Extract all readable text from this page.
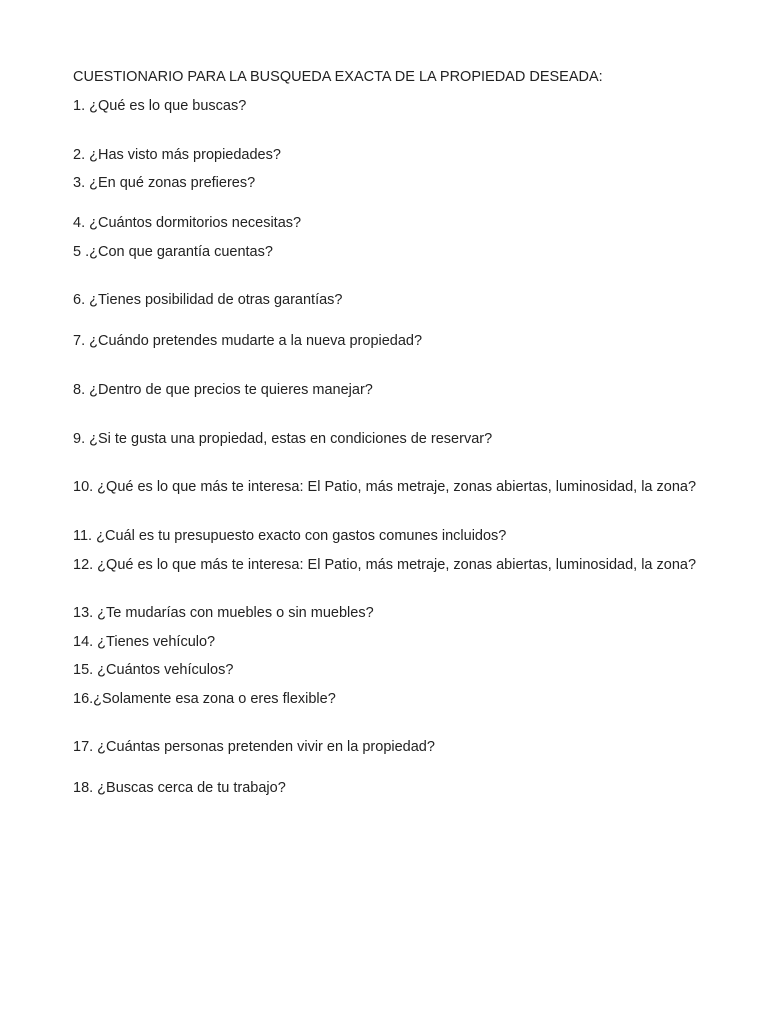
CUESTIONARIO PARA LA BUSQUEDA EXACTA DE LA PROPIEDAD DESEADA:
1. ¿Qué es lo que buscas?
2. ¿Has visto más propiedades?
3. ¿En qué zonas prefieres?
4. ¿Cuántos dormitorios necesitas?
5 .¿Con que garantía cuentas?
6. ¿Tienes posibilidad de otras garantías?
7. ¿Cuándo pretendes mudarte a la nueva propiedad?
8. ¿Dentro de que precios te quieres manejar?
9. ¿Si te gusta una propiedad, estas en condiciones de reservar?
10. ¿Qué es lo que más te interesa: El Patio, más metraje, zonas abiertas, luminosidad, la zona?
11. ¿Cuál es tu presupuesto exacto con gastos comunes incluidos?
12. ¿Qué es lo que más te interesa: El Patio, más metraje, zonas abiertas, luminosidad, la zona?
13. ¿Te mudarías con muebles o sin muebles?
14. ¿Tienes vehículo?
15. ¿Cuántos vehículos?
16.¿Solamente esa zona o eres flexible?
17. ¿Cuántas personas pretenden vivir en la propiedad?
18. ¿Buscas cerca de tu trabajo?
